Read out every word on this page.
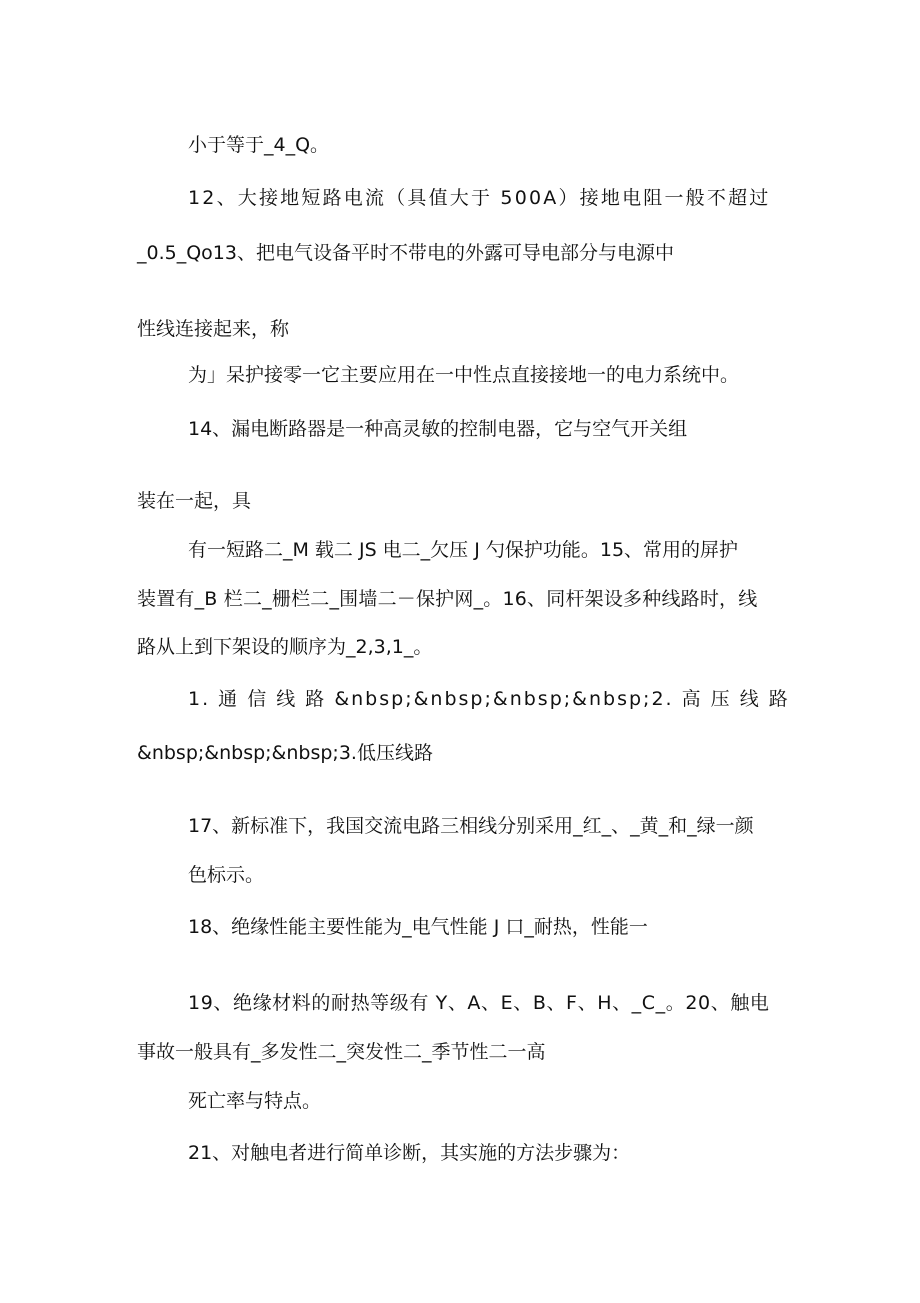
小于等于_4_Q。
12、大接地短路电流（具值大于 500A）接地电阻一般不超过
_0.5_Qo13、把电气设备平时不带电的外露可导电部分与电源中
性线连接起来，称
为」呆护接零一它主要应用在一中性点直接接地一的电力系统中。
14、漏电断路器是一种高灵敏的控制电器，它与空气开关组
装在一起，具
有一短路二_M 载二 JS 电二_欠压 J 勺保护功能。15、常用的屏护
装置有_B 栏二_栅栏二_围墙二－保护网_。16、同杆架设多种线路时，线
路从上到下架设的顺序为_2,3,1_。
1. 通 信 线 路 &nbsp;&nbsp;&nbsp;&nbsp;2. 高 压 线 路
&nbsp;&nbsp;&nbsp;3.低压线路
17、新标准下，我国交流电路三相线分别采用_红_、_黄_和_绿一颜
色标示。
18、绝缘性能主要性能为_电气性能 J 口_耐热，性能一
19、绝缘材料的耐热等级有 Y、A、E、B、F、H、_C_。20、触电
事故一般具有_多发性二_突发性二_季节性二一高
死亡率与特点。
21、对触电者进行简单诊断，其实施的方法步骤为：
